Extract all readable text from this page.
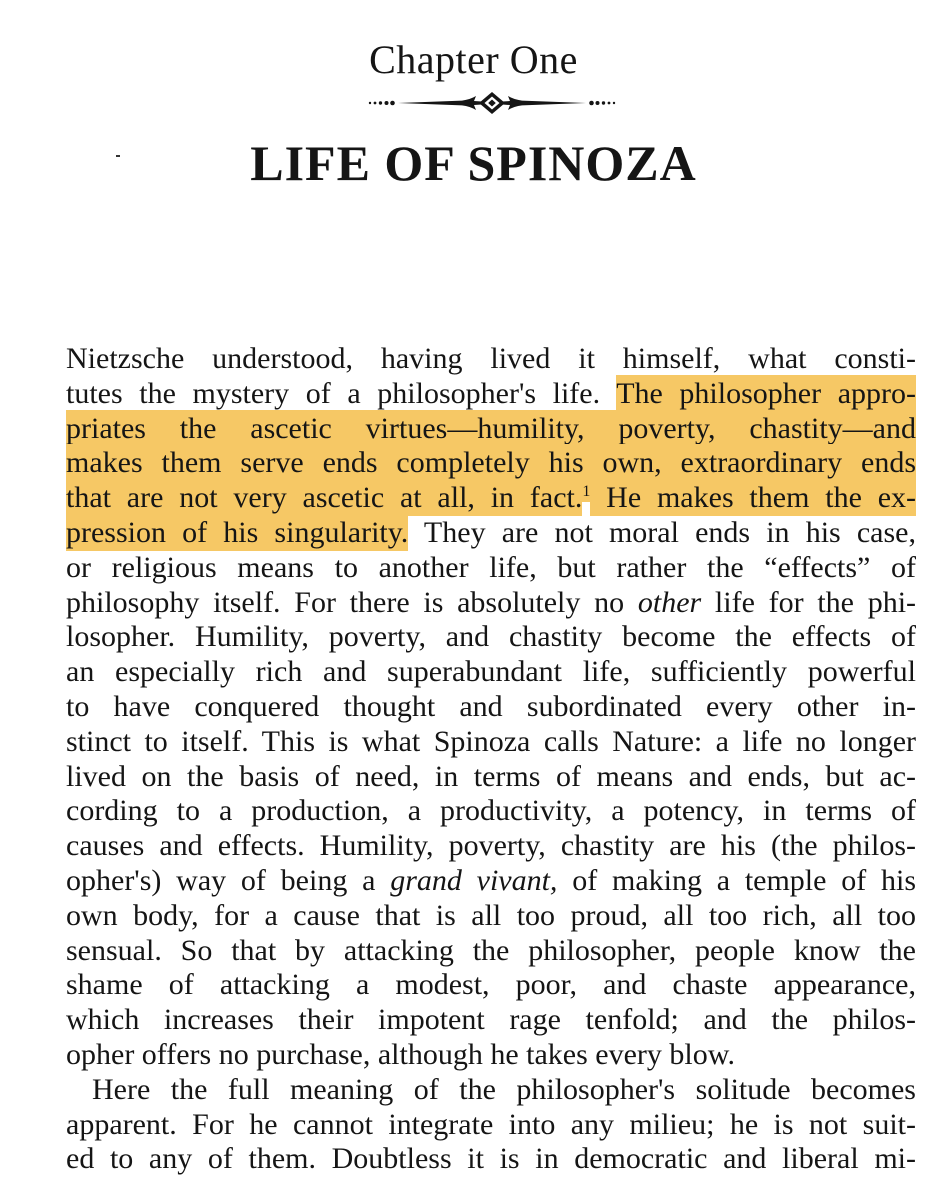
Chapter One
LIFE OF SPINOZA
Nietzsche understood, having lived it himself, what consti-
tutes the mystery of a philosopher's life. The philosopher appro-
priates the ascetic virtues—humility, poverty, chastity—and
makes them serve ends completely his own, extraordinary ends
that are not very ascetic at all, in fact.$^1$ He makes them the ex-
pression of his singularity. They are not moral ends in his case,
or religious means to another life, but rather the “effects” of
philosophy itself. For there is absolutely no other life for the phi-
losopher. Humility, poverty, and chastity become the effects of
an especially rich and superabundant life, sufficiently powerful
to have conquered thought and subordinated every other in-
stinct to itself. This is what Spinoza calls Nature: a life no longer
lived on the basis of need, in terms of means and ends, but ac-
cording to a production, a productivity, a potency, in terms of
causes and effects. Humility, poverty, chastity are his (the philos-
opher's) way of being a grand vivant, of making a temple of his
own body, for a cause that is all too proud, all too rich, all too
sensual. So that by attacking the philosopher, people know the
shame of attacking a modest, poor, and chaste appearance,
which increases their impotent rage tenfold; and the philos-
opher offers no purchase, although he takes every blow.
Here the full meaning of the philosopher's solitude becomes
apparent. For he cannot integrate into any milieu; he is not suit-
ed to any of them. Doubtless it is in democratic and liberal mi-
